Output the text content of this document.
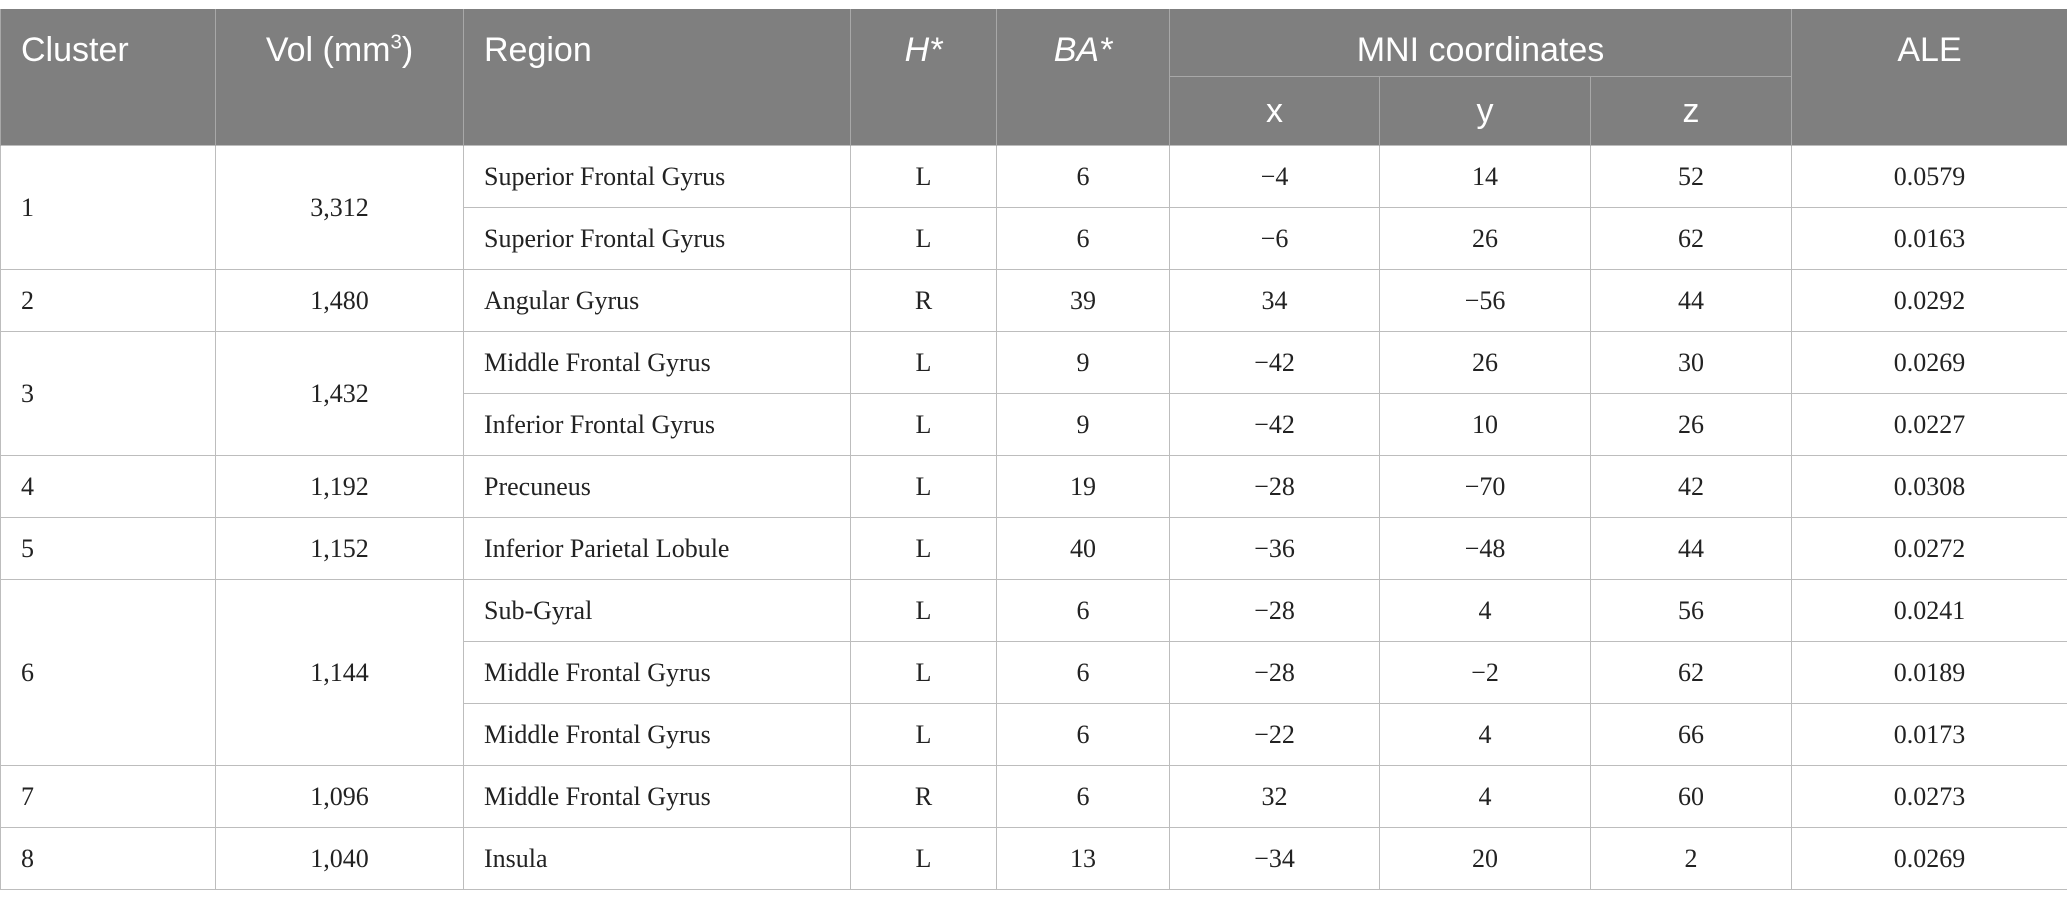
Cluster	Vol $(mm^3)$	Region	H*	BA*	MNI coordinates			ALE
					x	y	z	
1	3,312	Superior Frontal Gyrus	L	6	−4	14	52	0.0579
		Superior Frontal Gyrus	L	6	−6	26	62	0.0163
2	1,480	Angular Gyrus	R	39	34	−56	44	0.0292
3	1,432	Middle Frontal Gyrus	L	9	−42	26	30	0.0269
		Inferior Frontal Gyrus	L	9	−42	10	26	0.0227
4	1,192	Precuneus	L	19	−28	−70	42	0.0308
5	1,152	Inferior Parietal Lobule	L	40	−36	−48	44	0.0272
6	1,144	Sub-Gyral	L	6	−28	4	56	0.0241
		Middle Frontal Gyrus	L	6	−28	−2	62	0.0189
		Middle Frontal Gyrus	L	6	−22	4	66	0.0173
7	1,096	Middle Frontal Gyrus	R	6	32	4	60	0.0273
8	1,040	Insula	L	13	−34	20	2	0.0269
